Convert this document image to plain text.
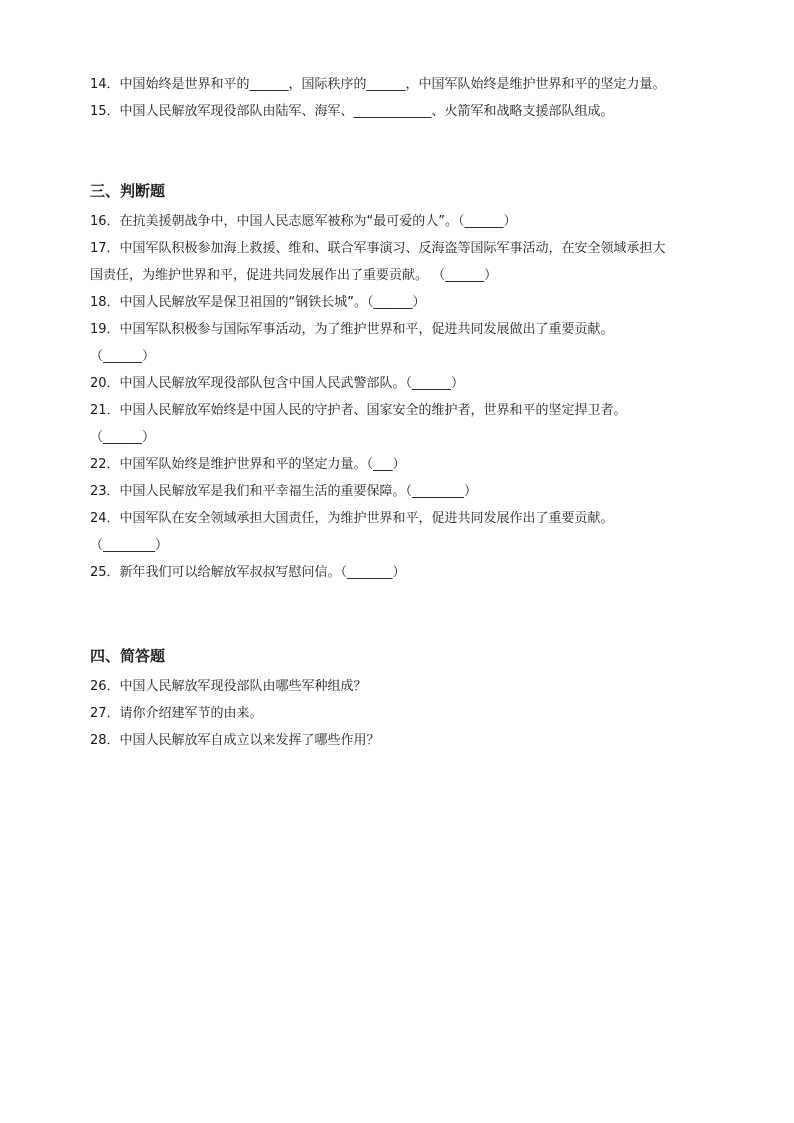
14．中国始终是世界和平的______，国际秩序的______，中国军队始终是维护世界和平的坚定力量。
15．中国人民解放军现役部队由陆军、海军、____________、火箭军和战略支援部队组成。
三、判断题
16．在抗美援朝战争中，中国人民志愿军被称为“最可爱的人”。（______）
17．中国军队积极参加海上救援、维和、联合军事演习、反海盗等国际军事活动，在安全领域承担大
国责任，为维护世界和平，促进共同发展作出了重要贡献。 （______）
18．中国人民解放军是保卫祖国的“钢铁长城”。（______）
19．中国军队积极参与国际军事活动，为了维护世界和平，促进共同发展做出了重要贡献。
（______）
20．中国人民解放军现役部队包含中国人民武警部队。（______）
21．中国人民解放军始终是中国人民的守护者、国家安全的维护者，世界和平的坚定捍卫者。
（______）
22．中国军队始终是维护世界和平的坚定力量。（___）
23．中国人民解放军是我们和平幸福生活的重要保障。（________）
24．中国军队在安全领域承担大国责任，为维护世界和平，促进共同发展作出了重要贡献。
（________）
25．新年我们可以给解放军叔叔写慰问信。（_______）
四、简答题
26．中国人民解放军现役部队由哪些军种组成？
27．请你介绍建军节的由来。
28．中国人民解放军自成立以来发挥了哪些作用？
